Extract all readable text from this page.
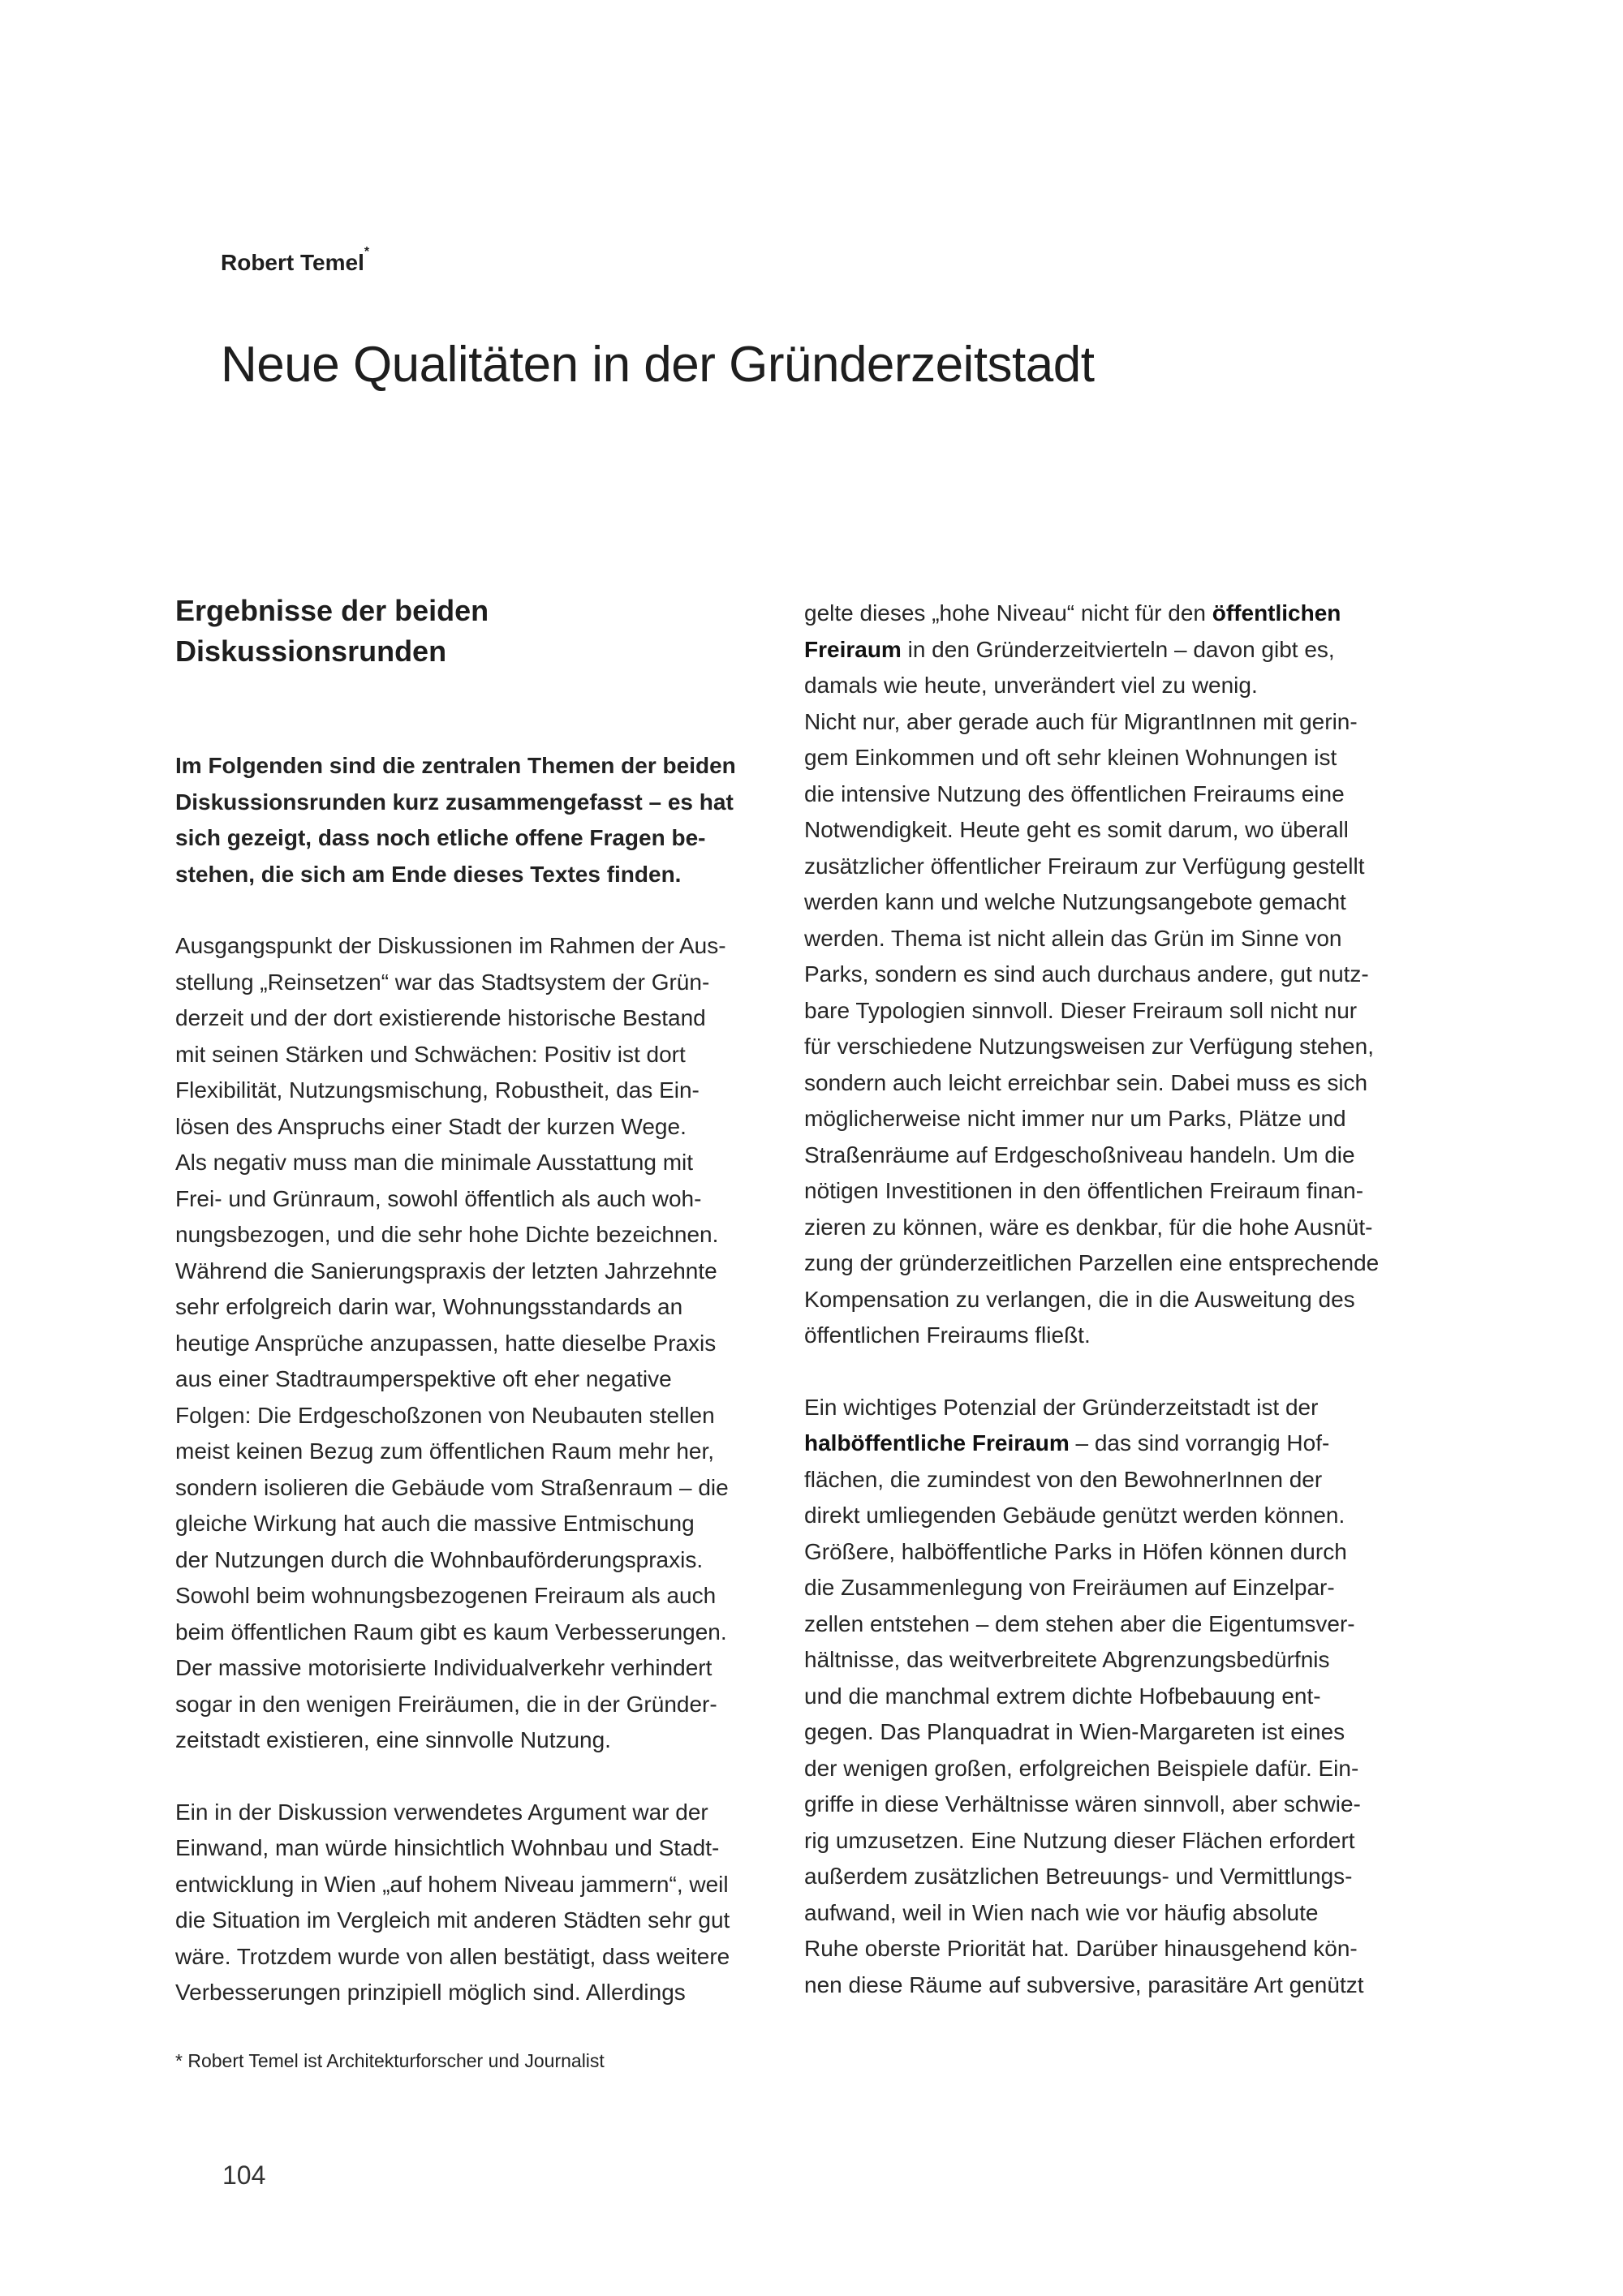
Robert Temel*

Neue Qualitäten in der Gründerzeitstadt
Ergebnisse der beiden
Diskussionsrunden

Im Folgenden sind die zentralen Themen der beiden
Diskussionsrunden kurz zusammengefasst – es hat
sich gezeigt, dass noch etliche offene Fragen be-
stehen, die sich am Ende dieses Textes finden.

Ausgangspunkt der Diskussionen im Rahmen der Aus-
stellung „Reinsetzen“ war das Stadtsystem der Grün-
derzeit und der dort existierende historische Bestand
mit seinen Stärken und Schwächen: Positiv ist dort
Flexibilität, Nutzungsmischung, Robustheit, das Ein-
lösen des Anspruchs einer Stadt der kurzen Wege.
Als negativ muss man die minimale Ausstattung mit
Frei- und Grünraum, sowohl öffentlich als auch woh-
nungsbezogen, und die sehr hohe Dichte bezeichnen.
Während die Sanierungspraxis der letzten Jahrzehnte
sehr erfolgreich darin war, Wohnungsstandards an
heutige Ansprüche anzupassen, hatte dieselbe Praxis
aus einer Stadtraumperspektive oft eher negative
Folgen: Die Erdgeschoßzonen von Neubauten stellen
meist keinen Bezug zum öffentlichen Raum mehr her,
sondern isolieren die Gebäude vom Straßenraum – die
gleiche Wirkung hat auch die massive Entmischung
der Nutzungen durch die Wohnbauförderungspraxis.
Sowohl beim wohnungsbezogenen Freiraum als auch
beim öffentlichen Raum gibt es kaum Verbesserungen.
Der massive motorisierte Individualverkehr verhindert
sogar in den wenigen Freiräumen, die in der Gründer-
zeitstadt existieren, eine sinnvolle Nutzung.

Ein in der Diskussion verwendetes Argument war der
Einwand, man würde hinsichtlich Wohnbau und Stadt-
entwicklung in Wien „auf hohem Niveau jammern“, weil
die Situation im Vergleich mit anderen Städten sehr gut
wäre. Trotzdem wurde von allen bestätigt, dass weitere
Verbesserungen prinzipiell möglich sind. Allerdings

gelte dieses „hohe Niveau“ nicht für den öffentlichen
Freiraum in den Gründerzeitvierteln – davon gibt es,
damals wie heute, unverändert viel zu wenig.
Nicht nur, aber gerade auch für MigrantInnen mit gerin-
gem Einkommen und oft sehr kleinen Wohnungen ist
die intensive Nutzung des öffentlichen Freiraums eine
Notwendigkeit. Heute geht es somit darum, wo überall
zusätzlicher öffentlicher Freiraum zur Verfügung gestellt
werden kann und welche Nutzungsangebote gemacht
werden. Thema ist nicht allein das Grün im Sinne von
Parks, sondern es sind auch durchaus andere, gut nutz-
bare Typologien sinnvoll. Dieser Freiraum soll nicht nur
für verschiedene Nutzungsweisen zur Verfügung stehen,
sondern auch leicht erreichbar sein. Dabei muss es sich
möglicherweise nicht immer nur um Parks, Plätze und
Straßenräume auf Erdgeschoßniveau handeln. Um die
nötigen Investitionen in den öffentlichen Freiraum finan-
zieren zu können, wäre es denkbar, für die hohe Ausnüt-
zung der gründerzeitlichen Parzellen eine entsprechende
Kompensation zu verlangen, die in die Ausweitung des
öffentlichen Freiraums fließt.

Ein wichtiges Potenzial der Gründerzeitstadt ist der
halböffentliche Freiraum – das sind vorrangig Hof-
flächen, die zumindest von den BewohnerInnen der
direkt umliegenden Gebäude genützt werden können.
Größere, halböffentliche Parks in Höfen können durch
die Zusammenlegung von Freiräumen auf Einzelpar-
zellen entstehen – dem stehen aber die Eigentumsver-
hältnisse, das weitverbreitete Abgrenzungsbedürfnis
und die manchmal extrem dichte Hofbebauung ent-
gegen. Das Planquadrat in Wien-Margareten ist eines
der wenigen großen, erfolgreichen Beispiele dafür. Ein-
griffe in diese Verhältnisse wären sinnvoll, aber schwie-
rig umzusetzen. Eine Nutzung dieser Flächen erfordert
außerdem zusätzlichen Betreuungs- und Vermittlungs-
aufwand, weil in Wien nach wie vor häufig absolute
Ruhe oberste Priorität hat. Darüber hinausgehend kön-
nen diese Räume auf subversive, parasitäre Art genützt

* Robert Temel ist Architekturforscher und Journalist

104
